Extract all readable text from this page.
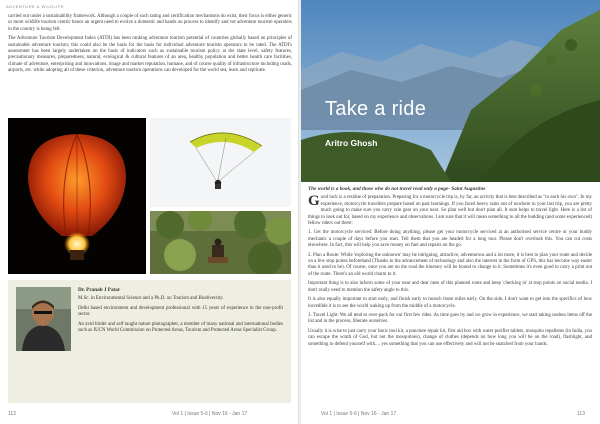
ADVENTURE & WILDLIFE

carried out under a sustainability framework. Although a couple of such rating and certification mechanisms do exist, their focus is either generic or more wildlife tourism centric hence an urgent need to evolve a domestic and hands on process to identify and vet adventure tourism operators in the country is being felt.

The Adventure Tourism Development Index (ATDI) has been ranking adventure tourism potential of countries globally based on principles of sustainable adventure tourism; this could also be the basis for the basis for individual adventure tourism operators to be rated. The ATDI's assessment has been largely undertaken on the basis of indicators such as sustainable tourism policy at the state level, safety features, precautionary measures, preparedness, natural, ecological & cultural features of an area, healthy population and better health care facilities, climate of adventure, enterprising and innovations, image and market reputation, humane, and of course quality of infrastructure including roads, airports, etc. while adopting all of these criterion, adventure tourism operations can developed for the world sea, learn and replicate.

Dr. Pranab J Patar

M.Sc. in Environmental Science and a Ph.D. on Tourism and Biodiversity.

Delhi based environment and development professional with 15 years of experience in the non-profit sector.

An avid birder and self taught nature photographer, a member of many national and international bodies such as IUCN World Commission on Protected Areas, Tourism and Protected Areas Specialist Group.

112	Vol 1 | Issue 5-6 | Nov 16 - Jan 17
Take a ride
Aritro Ghosh

The world is a book, and those who do not travel read only a page- Saint Augustine

Good luck is a residue of preparation. Preparing for a motorcycle trip is, by far, an activity that is best described as "to each his own". In my experience, motorcycle travellers prepare based on past learnings. If you faced heavy rains out of nowhere in your last trip, you are pretty much going to make sure you carry rain gear on your next. So plan well but don't plan all. It sure helps to travel light. Here is a list of things to look out for, based on my experience and observations. I am sure that it will mean something to all the budding (and some experienced) fellow riders out there:

1. Get the motorcycle serviced: Before doing anything, please get your motorcycle serviced at an authorised service centre or your buddy mechanic a couple of days before you start. Tell them that you are headed for a long tour. Please don't overlook this. You can cut costs elsewhere. In fact, this will help you save money on fuel and repairs on the go.

2. Plan a Route: While 'exploring the unknown' may be intriguing, attractive, adventurous and a lot more, it is best to plan your route and decide on a few stop points beforehand (Thanks to the advancement of technology and also the internet in the form of GPS, this has become way easier than it used to be). Of course, once you are on the road the itinerary will be bound to change to it. Sometimes it's even good to carry a print out of the route. There's an old world charm to it.

Important thing is to also inform some of your near and dear ones of this planned route and keep 'checking in' at stop points on social media. I don't really need to mention the safety angle to this.

It is also equally important to start early, and finish early to munch those miles early. On the side, I don't want to get into the specifics of how incredible it is to see the world waking up from the middle of a motorcycle.

3. Travel Light: We all tend to over-pack for our first few rides. As time goes by and we grow in experience, we start taking useless items off the list and in the process, liberate ourselves.

Usually it is wise to just carry your basic tool kit, a puncture repair kit, first aid box with water purifier tablets, mosquito repellents (in India, you can escape the wrath of God, but not the mosquitoes), change of clothes (depends on how long you will be on the road), flashlight, and something to defend yourself with.... yes something that you can use effectively and will not be snatched from your hands.

Vol 1 | Issue 5-6 | Nov 16 - Jan 17	113
